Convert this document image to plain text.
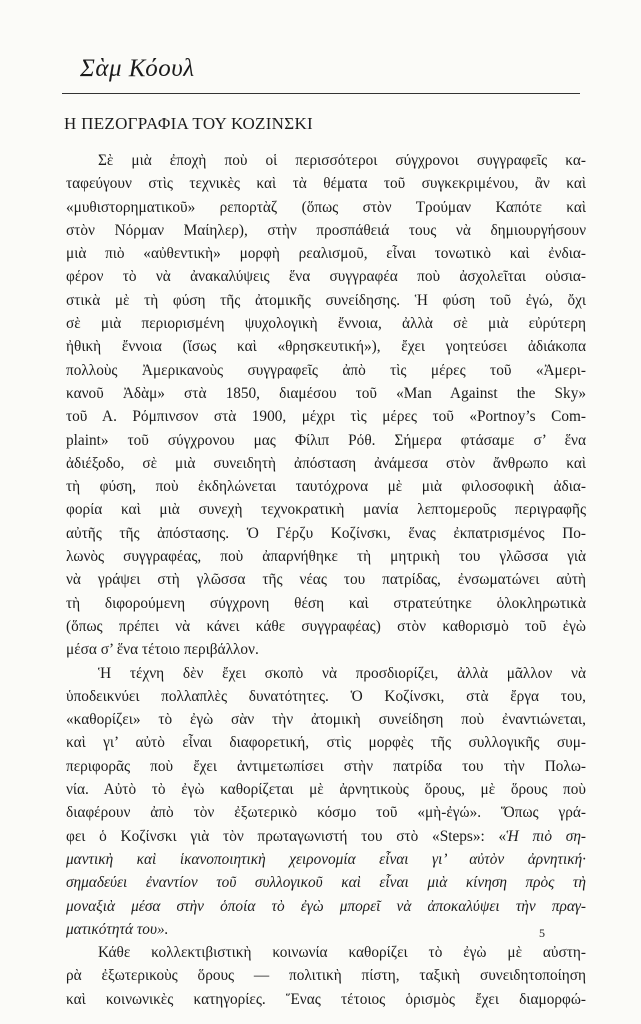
Σὰμ Κόουλ
Η ΠΕΖΟΓΡΑΦΙΑ ΤΟΥ ΚΟΖΙΝΣΚΙ
Σὲ μιὰ ἐποχὴ ποὺ οἱ περισσότεροι σύγχρονοι συγγραφεῖς κα-
ταφεύγουν στὶς τεχνικὲς καὶ τὰ θέματα τοῦ συγκεκριμένου, ἂν καὶ
«μυθιστορηματικοῦ» ρεπορτὰζ (ὅπως στὸν Τρούμαν Καπότε καὶ
στὸν Νόρμαν Μαίηλερ), στὴν προσπάθειά τους νὰ δημιουργήσουν
μιὰ πιὸ «αὐθεντικὴ» μορφὴ ρεαλισμοῦ, εἶναι τονωτικὸ καὶ ἐνδια-
φέρον τὸ νὰ ἀνακαλύψεις ἕνα συγγραφέα ποὺ ἀσχολεῖται οὐσια-
στικὰ μὲ τὴ φύση τῆς ἀτομικῆς συνείδησης. Ἡ φύση τοῦ ἐγώ, ὄχι
σὲ μιὰ περιορισμένη ψυχολογικὴ ἔννοια, ἀλλὰ σὲ μιὰ εὐρύτερη
ἠθικὴ ἔννοια (ἴσως καὶ «θρησκευτική»), ἔχει γοητεύσει ἀδιάκοπα
πολλοὺς Ἀμερικανοὺς συγγραφεῖς ἀπὸ τὶς μέρες τοῦ «Ἀμερι-
κανοῦ Ἀδὰμ» στὰ 1850, διαμέσου τοῦ «Man Against the Sky»
τοῦ Α. Ρόμπινσον στὰ 1900, μέχρι τὶς μέρες τοῦ «Portnoy’s Com-
plaint» τοῦ σύγχρονου μας Φίλιπ Ρόθ. Σήμερα φτάσαμε σ’ ἕνα
ἀδιέξοδο, σὲ μιὰ συνειδητὴ ἀπόσταση ἀνάμεσα στὸν ἄνθρωπο καὶ
τὴ φύση, ποὺ ἐκδηλώνεται ταυτόχρονα μὲ μιὰ φιλοσοφικὴ ἀδια-
φορία καὶ μιὰ συνεχὴ τεχνοκρατικὴ μανία λεπτομεροῦς περιγραφῆς
αὐτῆς τῆς ἀπόστασης. Ὁ Γέρζυ Κοζίνσκι, ἕνας ἐκπατρισμένος Πο-
λωνὸς συγγραφέας, ποὺ ἀπαρνήθηκε τὴ μητρικὴ του γλῶσσα γιὰ
νὰ γράψει στὴ γλῶσσα τῆς νέας του πατρίδας, ἐνσωματώνει αὐτὴ
τὴ διφορούμενη σύγχρονη θέση καὶ στρατεύτηκε ὁλοκληρωτικὰ
(ὅπως πρέπει νὰ κάνει κάθε συγγραφέας) στὸν καθορισμὸ τοῦ ἐγὼ
μέσα σ’ ἕνα τέτοιο περιβάλλον.
Ἡ τέχνη δὲν ἔχει σκοπὸ νὰ προσδιορίζει, ἀλλὰ μᾶλλον νὰ
ὑποδεικνύει πολλαπλὲς δυνατότητες. Ὁ Κοζίνσκι, στὰ ἔργα του,
«καθορίζει» τὸ ἐγὼ σὰν τὴν ἀτομικὴ συνείδηση ποὺ ἐναντιώνεται,
καὶ γι’ αὐτὸ εἶναι διαφορετική, στὶς μορφὲς τῆς συλλογικῆς συμ-
περιφορᾶς ποὺ ἔχει ἀντιμετωπίσει στὴν πατρίδα του τὴν Πολω-
νία. Αὐτὸ τὸ ἐγὼ καθορίζεται μὲ ἀρνητικοὺς ὅρους, μὲ ὅρους ποὺ
διαφέρουν ἀπὸ τὸν ἐξωτερικὸ κόσμο τοῦ «μὴ-ἐγώ». Ὅπως γρά-
φει ὁ Κοζίνσκι γιὰ τὸν πρωταγωνιστή του στὸ «Steps»: «Ἡ πιὸ ση-
μαντικὴ καὶ ἱκανοποιητικὴ χειρονομία εἶναι γι’ αὐτὸν ἀρνητική·
σημαδεύει ἐναντίον τοῦ συλλογικοῦ καὶ εἶναι μιὰ κίνηση πρὸς τὴ
μοναξιὰ μέσα στὴν ὁποία τὸ ἐγὼ μπορεῖ νὰ ἀποκαλύψει τὴν πραγ-
ματικότητά του».
Κάθε κολλεκτιβιστικὴ κοινωνία καθορίζει τὸ ἐγὼ μὲ αὐστη-
ρὰ ἐξωτερικοὺς ὅρους — πολιτικὴ πίστη, ταξικὴ συνειδητοποίηση
καὶ κοινωνικὲς κατηγορίες. Ἕνας τέτοιος ὁρισμὸς ἔχει διαμορφώ-
5
